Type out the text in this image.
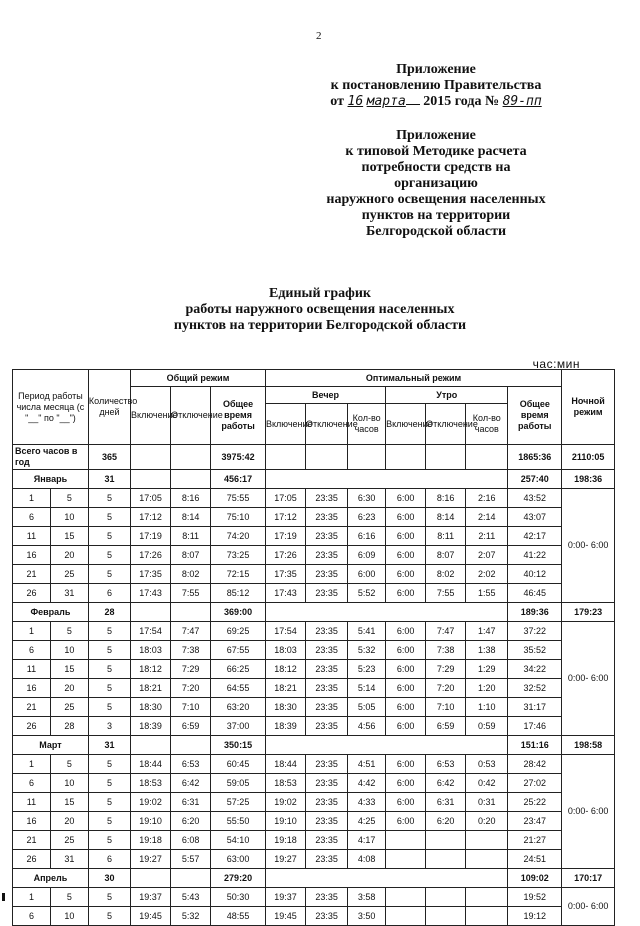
2
Приложение
к постановлению Правительства
от 16 марта 2015 года № 89-пп
Приложение
к типовой Методике расчета
потребности средств на
организацию
наружного освещения населенных
пунктов на территории
Белгородской области
Единый график
работы наружного освещения населенных
пунктов на территории Белгородской области
час:мин
Период работы числа месяца (с "__" по "__")		Количество дней	Общий режим			Оптимальный режим							Ночной режим
			Включение	Отключение	Общее время работы	Вечер			Утро			Общее время работы	
						Включение	Отключение	Кол-во часов	Включение	Отключение	Кол-во часов		
Всего часов в год		365			3975:42							1865:36	2110:05
Январь		31			456:17							257:40	198:36
1	5	5	17:05	8:16	75:55	17:05	23:35	6:30	6:00	8:16	2:16	43:52	0:00- 6:00
6	10	5	17:12	8:14	75:10	17:12	23:35	6:23	6:00	8:14	2:14	43:07	
11	15	5	17:19	8:11	74:20	17:19	23:35	6:16	6:00	8:11	2:11	42:17	
16	20	5	17:26	8:07	73:25	17:26	23:35	6:09	6:00	8:07	2:07	41:22	
21	25	5	17:35	8:02	72:15	17:35	23:35	6:00	6:00	8:02	2:02	40:12	
26	31	6	17:43	7:55	85:12	17:43	23:35	5:52	6:00	7:55	1:55	46:45	
Февраль		28			369:00							189:36	179:23
1	5	5	17:54	7:47	69:25	17:54	23:35	5:41	6:00	7:47	1:47	37:22	0:00- 6:00
6	10	5	18:03	7:38	67:55	18:03	23:35	5:32	6:00	7:38	1:38	35:52	
11	15	5	18:12	7:29	66:25	18:12	23:35	5:23	6:00	7:29	1:29	34:22	
16	20	5	18:21	7:20	64:55	18:21	23:35	5:14	6:00	7:20	1:20	32:52	
21	25	5	18:30	7:10	63:20	18:30	23:35	5:05	6:00	7:10	1:10	31:17	
26	28	3	18:39	6:59	37:00	18:39	23:35	4:56	6:00	6:59	0:59	17:46	
Март		31			350:15							151:16	198:58
1	5	5	18:44	6:53	60:45	18:44	23:35	4:51	6:00	6:53	0:53	28:42	0:00- 6:00
6	10	5	18:53	6:42	59:05	18:53	23:35	4:42	6:00	6:42	0:42	27:02	
11	15	5	19:02	6:31	57:25	19:02	23:35	4:33	6:00	6:31	0:31	25:22	
16	20	5	19:10	6:20	55:50	19:10	23:35	4:25	6:00	6:20	0:20	23:47	
21	25	5	19:18	6:08	54:10	19:18	23:35	4:17				21:27	
26	31	6	19:27	5:57	63:00	19:27	23:35	4:08				24:51	
Апрель		30			279:20							109:02	170:17
1	5	5	19:37	5:43	50:30	19:37	23:35	3:58				19:52	0:00- 6:00
6	10	5	19:45	5:32	48:55	19:45	23:35	3:50				19:12	
